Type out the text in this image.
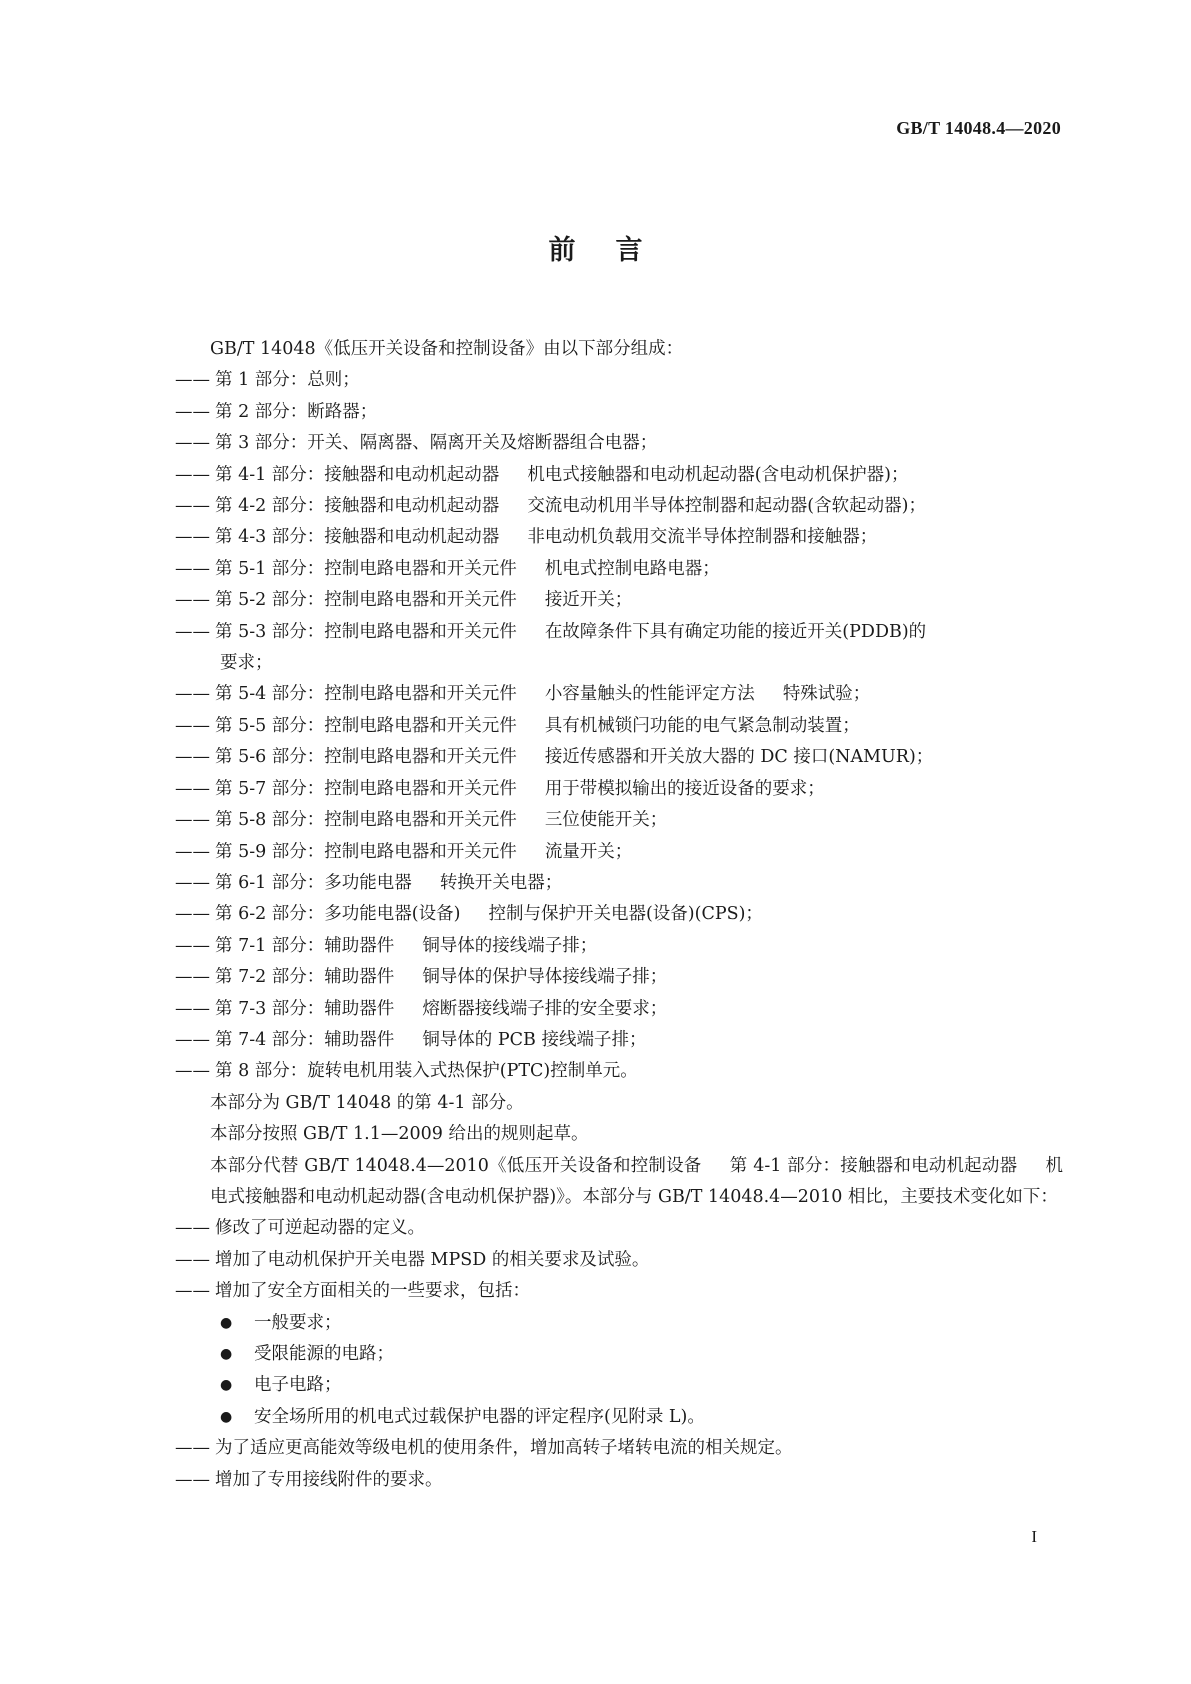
GB/T 14048.4—2020
前言

GB/T 14048《低压开关设备和控制设备》由以下部分组成：

—— 第 1 部分：总则；

—— 第 2 部分：断路器；

—— 第 3 部分：开关、隔离器、隔离开关及熔断器组合电器；

—— 第 4-1 部分：接触器和电动机起动器 机电式接触器和电动机起动器(含电动机保护器)；

—— 第 4-2 部分：接触器和电动机起动器 交流电动机用半导体控制器和起动器(含软起动器)；

—— 第 4-3 部分：接触器和电动机起动器 非电动机负载用交流半导体控制器和接触器；

—— 第 5-1 部分：控制电路电器和开关元件 机电式控制电路电器；

—— 第 5-2 部分：控制电路电器和开关元件 接近开关；

—— 第 5-3 部分：控制电路电器和开关元件 在故障条件下具有确定功能的接近开关(PDDB)的

要求；

—— 第 5-4 部分：控制电路电器和开关元件 小容量触头的性能评定方法 特殊试验；

—— 第 5-5 部分：控制电路电器和开关元件 具有机械锁闩功能的电气紧急制动装置；

—— 第 5-6 部分：控制电路电器和开关元件 接近传感器和开关放大器的 DC 接口(NAMUR)；

—— 第 5-7 部分：控制电路电器和开关元件 用于带模拟输出的接近设备的要求；

—— 第 5-8 部分：控制电路电器和开关元件 三位使能开关；

—— 第 5-9 部分：控制电路电器和开关元件 流量开关；

—— 第 6-1 部分：多功能电器 转换开关电器；

—— 第 6-2 部分：多功能电器(设备) 控制与保护开关电器(设备)(CPS)；

—— 第 7-1 部分：辅助器件 铜导体的接线端子排；

—— 第 7-2 部分：辅助器件 铜导体的保护导体接线端子排；

—— 第 7-3 部分：辅助器件 熔断器接线端子排的安全要求；

—— 第 7-4 部分：辅助器件 铜导体的 PCB 接线端子排；

—— 第 8 部分：旋转电机用装入式热保护(PTC)控制单元。

本部分为 GB/T 14048 的第 4-1 部分。

本部分按照 GB/T 1.1—2009 给出的规则起草。

本部分代替 GB/T 14048.4—2010《低压开关设备和控制设备 第 4-1 部分：接触器和电动机起动器 机电式接触器和电动机起动器(含电动机保护器)》。本部分与 GB/T 14048.4—2010 相比，主要技术变化如下：

—— 修改了可逆起动器的定义。

—— 增加了电动机保护开关电器 MPSD 的相关要求及试验。

—— 增加了安全方面相关的一些要求，包括：

● 一般要求；

● 受限能源的电路；

● 电子电路；

● 安全场所用的机电式过载保护电器的评定程序(见附录 L)。

—— 为了适应更高能效等级电机的使用条件，增加高转子堵转电流的相关规定。

—— 增加了专用接线附件的要求。

I
